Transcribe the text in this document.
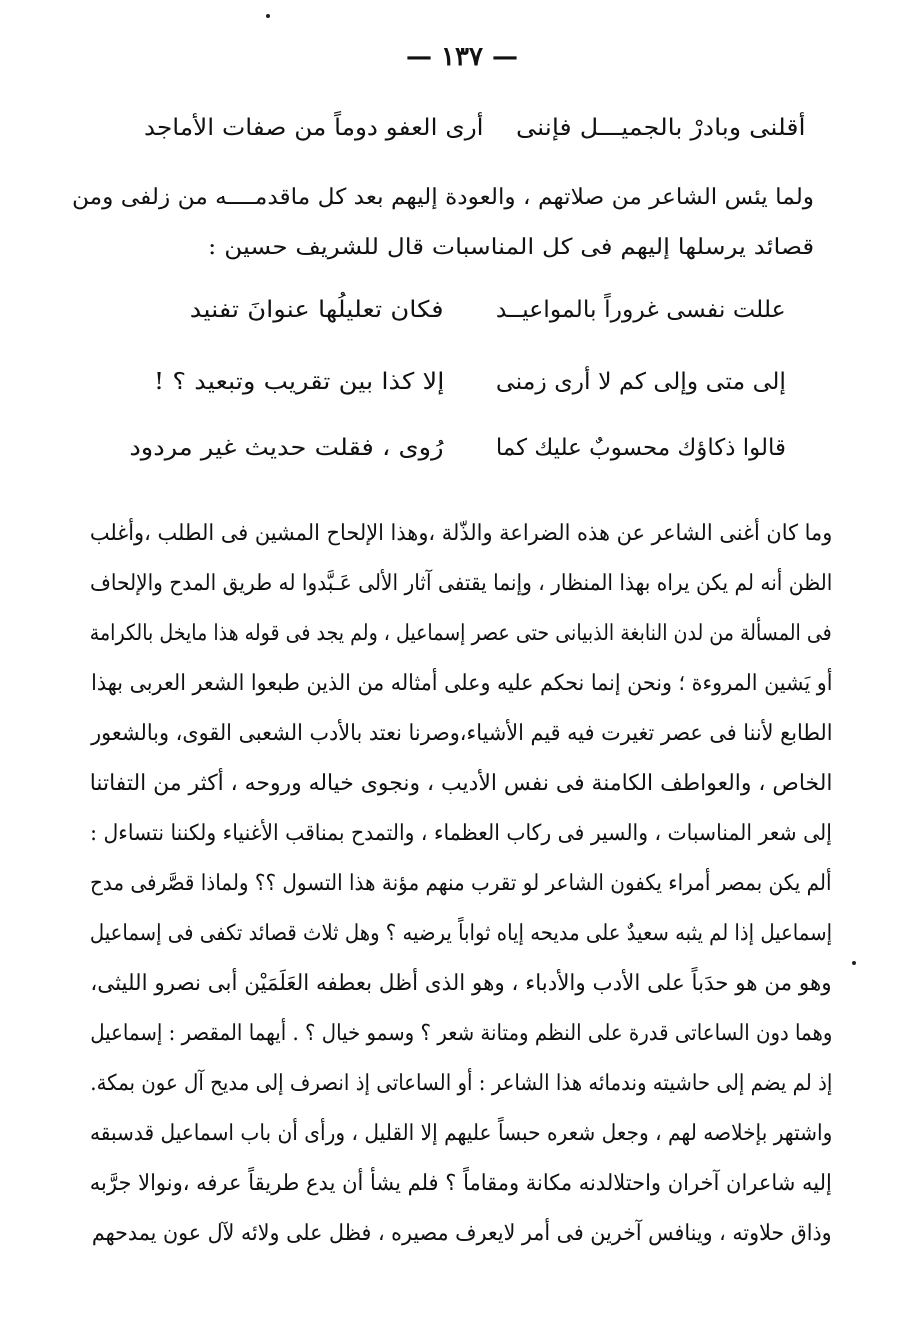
— ١٣٧ —
أقلنى وبادرْ بالجميـــل فإننى
أرى العفو دوماً من صفات الأماجد
ولما يئس الشاعر من صلاتهم ، والعودة إليهم بعد كل ماقدمــــه من زلفى ومن
قصائد يرسلها إليهم فى كل المناسبات قال للشريف حسين :
عللت نفسى غروراً بالمواعيــد
فكان تعليلُها عنوانَ تفنيد
إلى متى وإلى كم لا أرى زمنى
إلا كذا بين تقريب وتبعيد ؟ !
قالوا ذكاؤك محسوبٌ عليك كما
رُوى ، فقلت حديث غير مردود
وما كان أغنى الشاعر عن هذه الضراعة والذّلة ،وهذا الإلحاح المشين فى الطلب ،وأغلب
الظن أنه لم يكن يراه بهذا المنظار ، وإنما يقتفى آثار الألى عَـبَّدوا له طريق المدح والإلحاف
فى المسألة من لدن النابغة الذبيانى حتى عصر إسماعيل ، ولم يجد فى قوله هذا مايخل بالكرامة
أو يَشين المروءة ؛ ونحن إنما نحكم عليه وعلى أمثاله من الذين طبعوا الشعر العربى بهذا
الطابع لأننا فى عصر تغيرت فيه قيم الأشياء،وصرنا نعتد بالأدب الشعبى القوى، وبالشعور
الخاص ، والعواطف الكامنة فى نفس الأديب ، ونجوى خياله وروحه ، أكثر من التفاتنا
إلى شعر المناسبات ، والسير فى ركاب العظماء ، والتمدح بمناقب الأغنياء ولكننا نتساءل :
ألم يكن بمصر أمراء يكفون الشاعر لو تقرب منهم مؤنة هذا التسول ؟؟ ولماذا قصَّرفى مدح
إسماعيل إذا لم يثبه سعيدٌ على مديحه إياه ثواباً يرضيه ؟ وهل ثلاث قصائد تكفى فى إسماعيل
وهو من هو حدَباً على الأدب والأدباء ، وهو الذى أظل بعطفه العَلَمَيْن أبى نصرو الليثى،
وهما دون الساعاتى قدرة على النظم ومتانة شعر ؟ وسمو خيال ؟ . أيهما المقصر : إسماعيل
إذ لم يضم إلى حاشيته وندمائه هذا الشاعر : أو الساعاتى إذ انصرف إلى مديح آل عون بمكة.
واشتهر بإخلاصه لهم ، وجعل شعره حبساً عليهم إلا القليل ، ورأى أن باب اسماعيل قدسبقه
إليه شاعران آخران واحتلالدنه مكانة ومقاماً ؟ فلم يشأ أن يدع طريقاً عرفه ،ونوالا جرَّبه
وذاق حلاوته ، وينافس آخرين فى أمر لايعرف مصيره ، فظل على ولائه لآل عون يمدحهم
